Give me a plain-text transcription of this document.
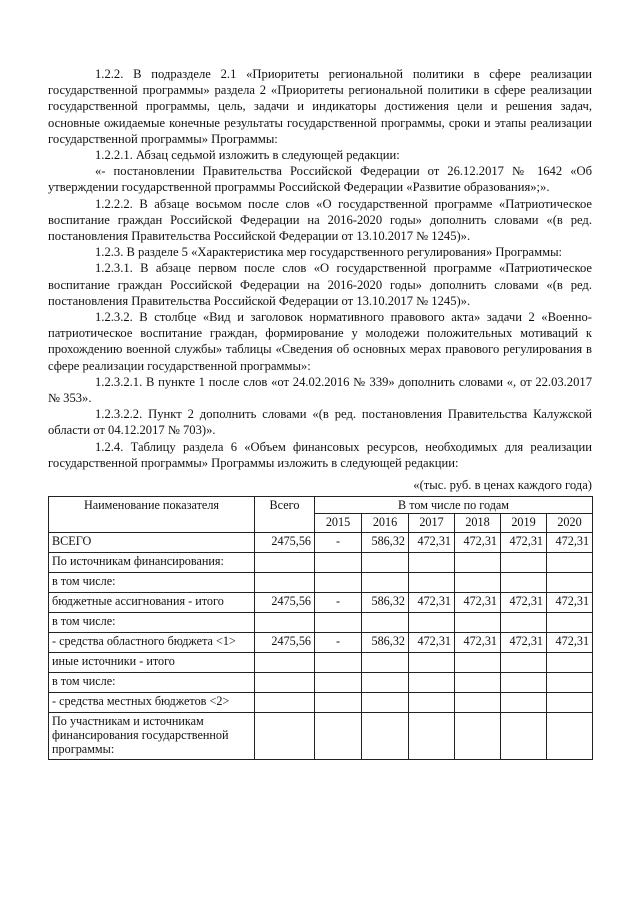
1.2.2. В подразделе 2.1 «Приоритеты региональной политики в сфере реализации государственной программы» раздела 2 «Приоритеты региональной политики в сфере реализации государственной программы, цель, задачи и индикаторы достижения цели и решения задач, основные ожидаемые конечные результаты государственной программы, сроки и этапы реализации государственной программы» Программы:

1.2.2.1. Абзац седьмой изложить в следующей редакции:

«- постановлении Правительства Российской Федерации от 26.12.2017 № 1642 «Об утверждении государственной программы Российской Федерации «Развитие образования»;».

1.2.2.2. В абзаце восьмом после слов «О государственной программе «Патриотическое воспитание граждан Российской Федерации на 2016-2020 годы» дополнить словами «(в ред. постановления Правительства Российской Федерации от 13.10.2017 № 1245)».

1.2.3. В разделе 5 «Характеристика мер государственного регулирования» Программы:

1.2.3.1. В абзаце первом после слов «О государственной программе «Патриотическое воспитание граждан Российской Федерации на 2016-2020 годы» дополнить словами «(в ред. постановления Правительства Российской Федерации от 13.10.2017 № 1245)».

1.2.3.2. В столбце «Вид и заголовок нормативного правового акта» задачи 2 «Военно-патриотическое воспитание граждан, формирование у молодежи положительных мотиваций к прохождению военной службы» таблицы «Сведения об основных мерах правового регулирования в сфере реализации государственной программы»:

1.2.3.2.1. В пункте 1 после слов «от 24.02.2016 № 339» дополнить словами «, от 22.03.2017 № 353».

1.2.3.2.2. Пункт 2 дополнить словами «(в ред. постановления Правительства Калужской области от 04.12.2017 № 703)».

1.2.4. Таблицу раздела 6 «Объем финансовых ресурсов, необходимых для реализации государственной программы» Программы изложить в следующей редакции:

«(тыс. руб. в ценах каждого года)
Наименование показателя	Всего	В том числе по годам					
		2015	2016	2017	2018	2019	2020
ВСЕГО	2475,56	-	586,32	472,31	472,31	472,31	472,31
По источникам финансирования:							
в том числе:							
бюджетные ассигнования - итого	2475,56	-	586,32	472,31	472,31	472,31	472,31
в том числе:							
- средства областного бюджета <1>	2475,56	-	586,32	472,31	472,31	472,31	472,31
иные источники - итого							
в том числе:							
- средства местных бюджетов <2>							
По участникам и источникам финансирования государственной программы:							
